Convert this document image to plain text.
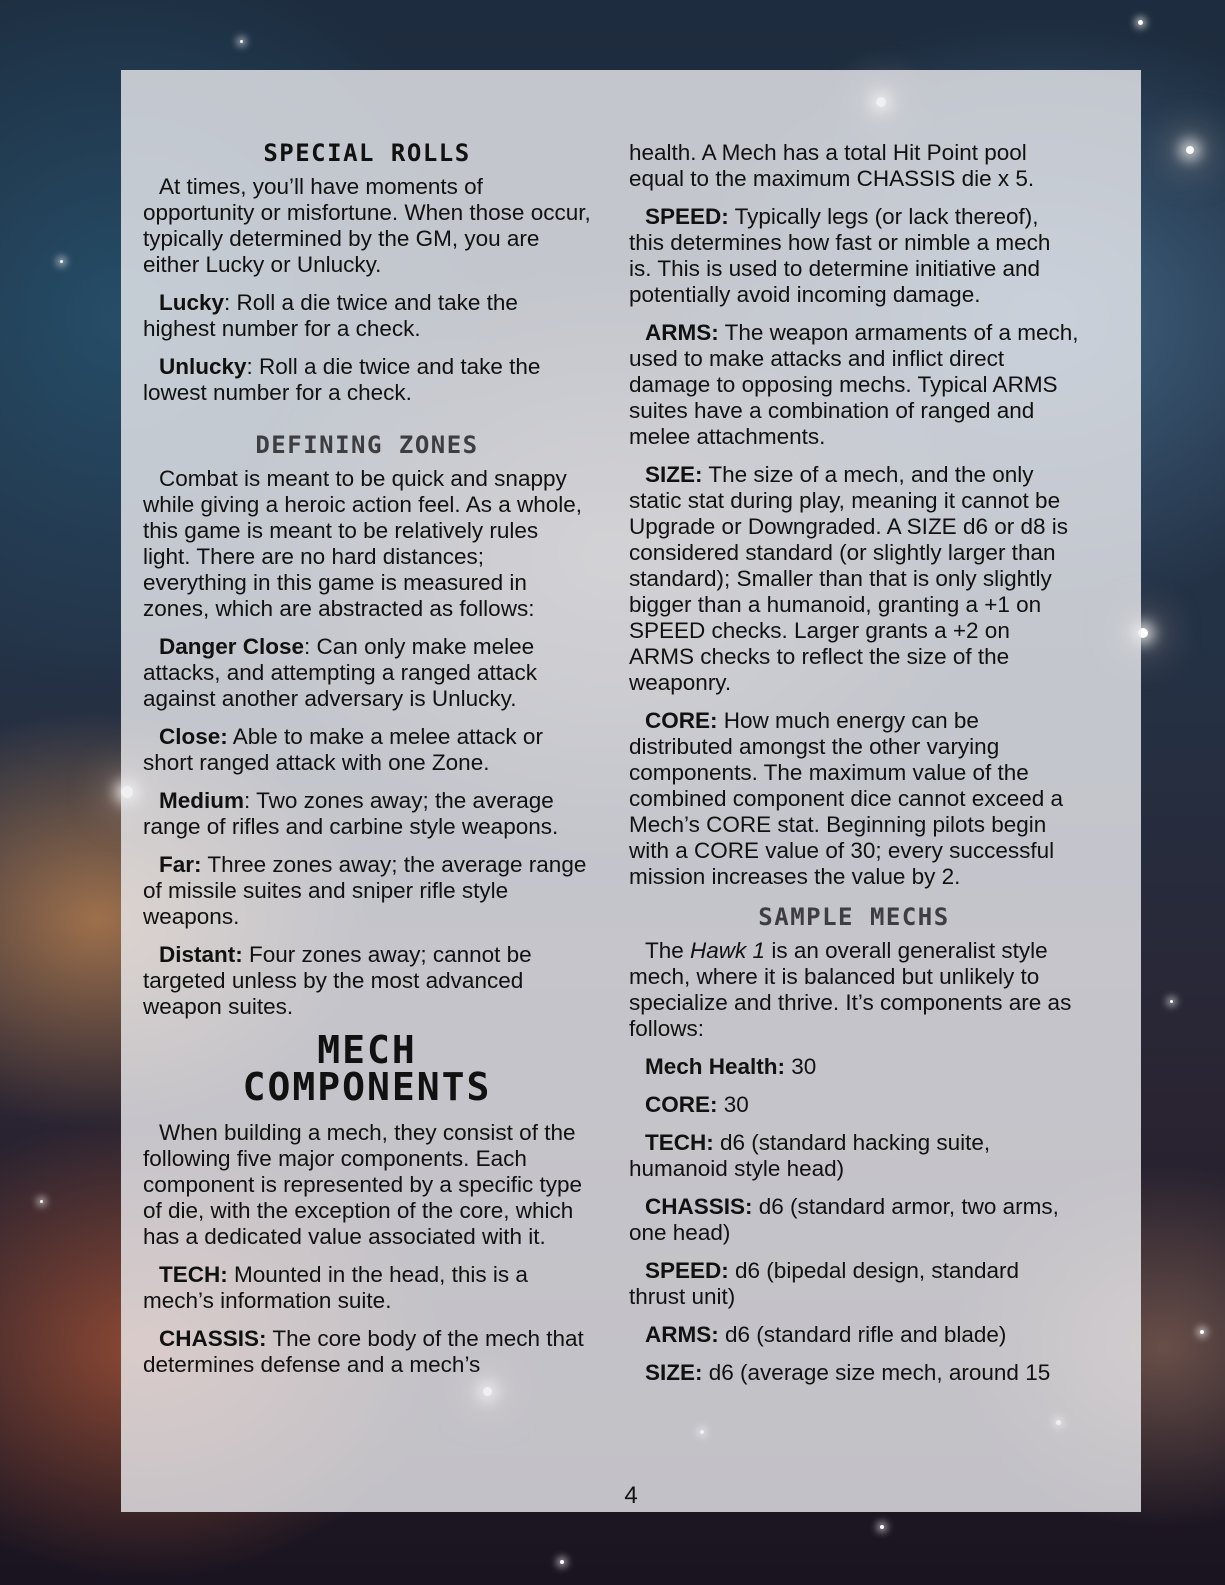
SPECIAL ROLLS

At times, you’ll have moments of opportunity or misfortune. When those occur, typically determined by the GM, you are either Lucky or Unlucky.

Lucky: Roll a die twice and take the highest number for a check.

Unlucky: Roll a die twice and take the lowest number for a check.

DEFINING ZONES

Combat is meant to be quick and snappy while giving a heroic action feel. As a whole, this game is meant to be relatively rules light. There are no hard distances; everything in this game is measured in zones, which are abstracted as follows:

Danger Close: Can only make melee attacks, and attempting a ranged attack against another adversary is Unlucky.

Close: Able to make a melee attack or short ranged attack with one Zone.

Medium: Two zones away; the average range of rifles and carbine style weapons.

Far: Three zones away; the average range of missile suites and sniper rifle style weapons.

Distant: Four zones away; cannot be targeted unless by the most advanced weapon suites.

MECH
COMPONENTS

When building a mech, they consist of the following five major components. Each component is represented by a specific type of die, with the exception of the core, which has a dedicated value associated with it.

TECH: Mounted in the head, this is a mech’s information suite.

CHASSIS: The core body of the mech that determines defense and a mech’s

health. A Mech has a total Hit Point pool equal to the maximum CHASSIS die x 5.

SPEED: Typically legs (or lack thereof), this determines how fast or nimble a mech is. This is used to determine initiative and potentially avoid incoming damage.

ARMS: The weapon armaments of a mech, used to make attacks and inflict direct damage to opposing mechs. Typical ARMS suites have a combination of ranged and melee attachments.

SIZE: The size of a mech, and the only static stat during play, meaning it cannot be Upgrade or Downgraded. A SIZE d6 or d8 is considered standard (or slightly larger than standard); Smaller than that is only slightly bigger than a humanoid, granting a +1 on SPEED checks. Larger grants a +2 on ARMS checks to reflect the size of the weaponry.

CORE: How much energy can be distributed amongst the other varying components. The maximum value of the combined component dice cannot exceed a Mech’s CORE stat. Beginning pilots begin with a CORE value of 30; every successful mission increases the value by 2.

SAMPLE MECHS

The Hawk 1 is an overall generalist style mech, where it is balanced but unlikely to specialize and thrive. It’s components are as follows:

Mech Health: 30

CORE: 30

TECH: d6 (standard hacking suite, humanoid style head)

CHASSIS: d6 (standard armor, two arms, one head)

SPEED: d6 (bipedal design, standard thrust unit)

ARMS: d6 (standard rifle and blade)

SIZE: d6 (average size mech, around 15

4
